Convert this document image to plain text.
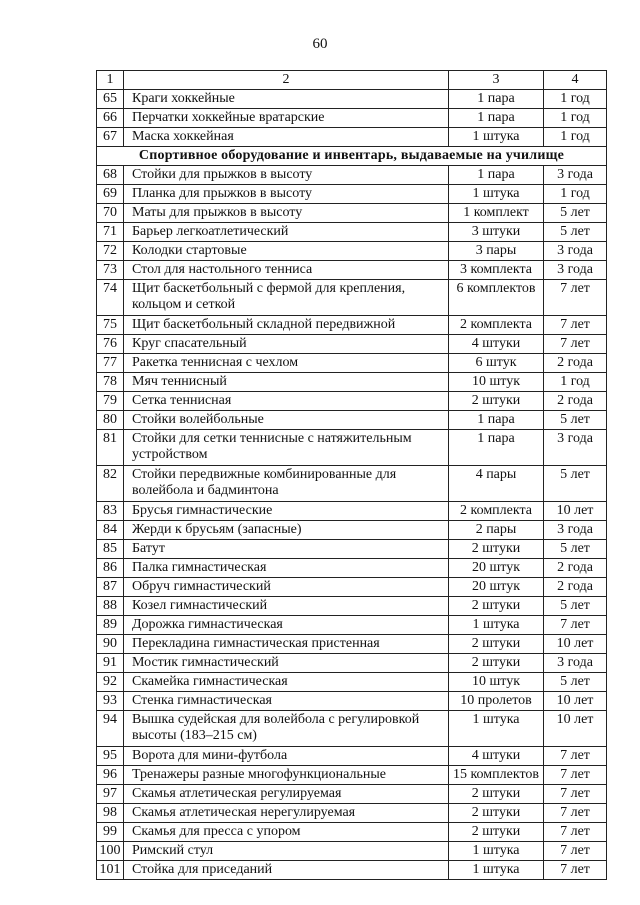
60
1	2	3	4
65	Краги хоккейные	1 пара	1 год
66	Перчатки хоккейные вратарские	1 пара	1 год
67	Маска хоккейная	1 штука	1 год
Спортивное оборудование и инвентарь, выдаваемые на училище			
68	Стойки для прыжков в высоту	1 пара	3 года
69	Планка для прыжков в высоту	1 штука	1 год
70	Маты для прыжков в высоту	1 комплект	5 лет
71	Барьер легкоатлетический	3 штуки	5 лет
72	Колодки стартовые	3 пары	3 года
73	Стол для настольного тенниса	3 комплекта	3 года
74	Щит баскетбольный с фермой для крепления, кольцом и сеткой	6 комплектов	7 лет
75	Щит баскетбольный складной передвижной	2 комплекта	7 лет
76	Круг спасательный	4 штуки	7 лет
77	Ракетка теннисная с чехлом	6 штук	2 года
78	Мяч теннисный	10 штук	1 год
79	Сетка теннисная	2 штуки	2 года
80	Стойки волейбольные	1 пара	5 лет
81	Стойки для сетки теннисные с натяжительным устройством	1 пара	3 года
82	Стойки передвижные комбинированные для волейбола и бадминтона	4 пары	5 лет
83	Брусья гимнастические	2 комплекта	10 лет
84	Жерди к брусьям (запасные)	2 пары	3 года
85	Батут	2 штуки	5 лет
86	Палка гимнастическая	20 штук	2 года
87	Обруч гимнастический	20 штук	2 года
88	Козел гимнастический	2 штуки	5 лет
89	Дорожка гимнастическая	1 штука	7 лет
90	Перекладина гимнастическая пристенная	2 штуки	10 лет
91	Мостик гимнастический	2 штуки	3 года
92	Скамейка гимнастическая	10 штук	5 лет
93	Стенка гимнастическая	10 пролетов	10 лет
94	Вышка судейская для волейбола с регулировкой высоты (183–215 см)	1 штука	10 лет
95	Ворота для мини-футбола	4 штуки	7 лет
96	Тренажеры разные многофункциональные	15 комплектов	7 лет
97	Скамья атлетическая регулируемая	2 штуки	7 лет
98	Скамья атлетическая нерегулируемая	2 штуки	7 лет
99	Скамья для пресса с упором	2 штуки	7 лет
100	Римский стул	1 штука	7 лет
101	Стойка для приседаний	1 штука	7 лет
